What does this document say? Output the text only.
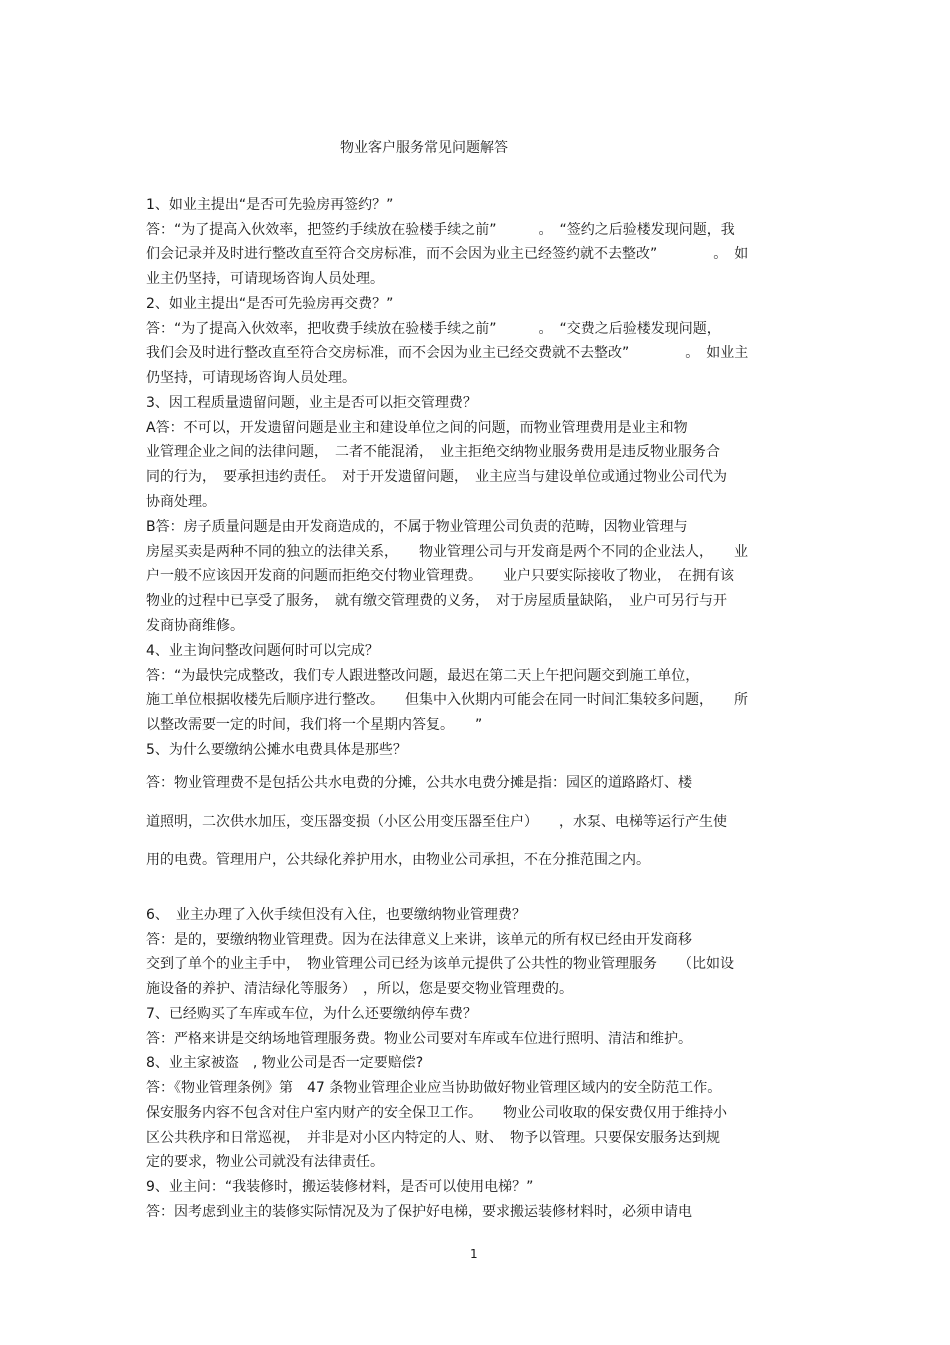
物业客户服务常见问题解答
1、如业主提出“是否可先验房再签约？”
答：“为了提高入伙效率，把签约手续放在验楼手续之前”　　　。　“签约之后验楼发现问题，我
们会记录并及时进行整改直至符合交房标准，而不会因为业主已经签约就不去整改”　　　　。　如
业主仍坚持，可请现场咨询人员处理。
2、如业主提出“是否可先验房再交费？”
答：“为了提高入伙效率，把收费手续放在验楼手续之前”　　　。　“交费之后验楼发现问题，
我们会及时进行整改直至符合交房标准，而不会因为业主已经交费就不去整改”　　　　。　如业主
仍坚持，可请现场咨询人员处理。
3、因工程质量遗留问题，业主是否可以拒交管理费？
A答：不可以，开发遗留问题是业主和建设单位之间的问题，而物业管理费用是业主和物
业管理企业之间的法律问题，　二者不能混淆，　业主拒绝交纳物业服务费用是违反物业服务合
同的行为，　要承担违约责任。　对于开发遗留问题，　业主应当与建设单位或通过物业公司代为
协商处理。
B答：房子质量问题是由开发商造成的，不属于物业管理公司负责的范畴，因物业管理与
房屋买卖是两种不同的独立的法律关系，　　物业管理公司与开发商是两个不同的企业法人，　　业
户一般不应该因开发商的问题而拒绝交付物业管理费。　　业户只要实际接收了物业，　在拥有该
物业的过程中已享受了服务，　就有缴交管理费的义务，　对于房屋质量缺陷，　业户可另行与开
发商协商维修。
4、业主询问整改问题何时可以完成？
答：“为最快完成整改，我们专人跟进整改问题，最迟在第二天上午把问题交到施工单位，
施工单位根据收楼先后顺序进行整改。　　但集中入伙期内可能会在同一时间汇集较多问题，　　所
以整改需要一定的时间，我们将一个星期内答复。　　”
5、为什么要缴纳公摊水电费具体是那些？
答：物业管理费不是包括公共水电费的分摊，公共水电费分摊是指：园区的道路路灯、楼
道照明，二次供水加压，变压器变损（小区公用变压器至住户）　　，水泵、电梯等运行产生使
用的电费。管理用户，公共绿化养护用水，由物业公司承担，不在分推范围之内。
6、　业主办理了入伙手续但没有入住，也要缴纳物业管理费？
答：是的，要缴纳物业管理费。因为在法律意义上来讲，该单元的所有权已经由开发商移
交到了单个的业主手中，　物业管理公司已经为该单元提供了公共性的物业管理服务　　（比如设
施设备的养护、清洁绿化等服务）　，所以，您是要交物业管理费的。
7、已经购买了车库或车位，为什么还要缴纳停车费？
答：严格来讲是交纳场地管理服务费。物业公司要对车库或车位进行照明、清洁和维护。
8、业主家被盗　, 物业公司是否一定要赔偿?
答：《物业管理条例》第　47 条物业管理企业应当协助做好物业管理区域内的安全防范工作。
保安服务内容不包含对住户室内财产的安全保卫工作。　　物业公司收取的保安费仅用于维持小
区公共秩序和日常巡视，　并非是对小区内特定的人、财、　物予以管理。只要保安服务达到规
定的要求，物业公司就没有法律责任。
9、业主问：“我装修时，搬运装修材料，是否可以使用电梯？”
答：因考虑到业主的装修实际情况及为了保护好电梯，要求搬运装修材料时，必须申请电
1
